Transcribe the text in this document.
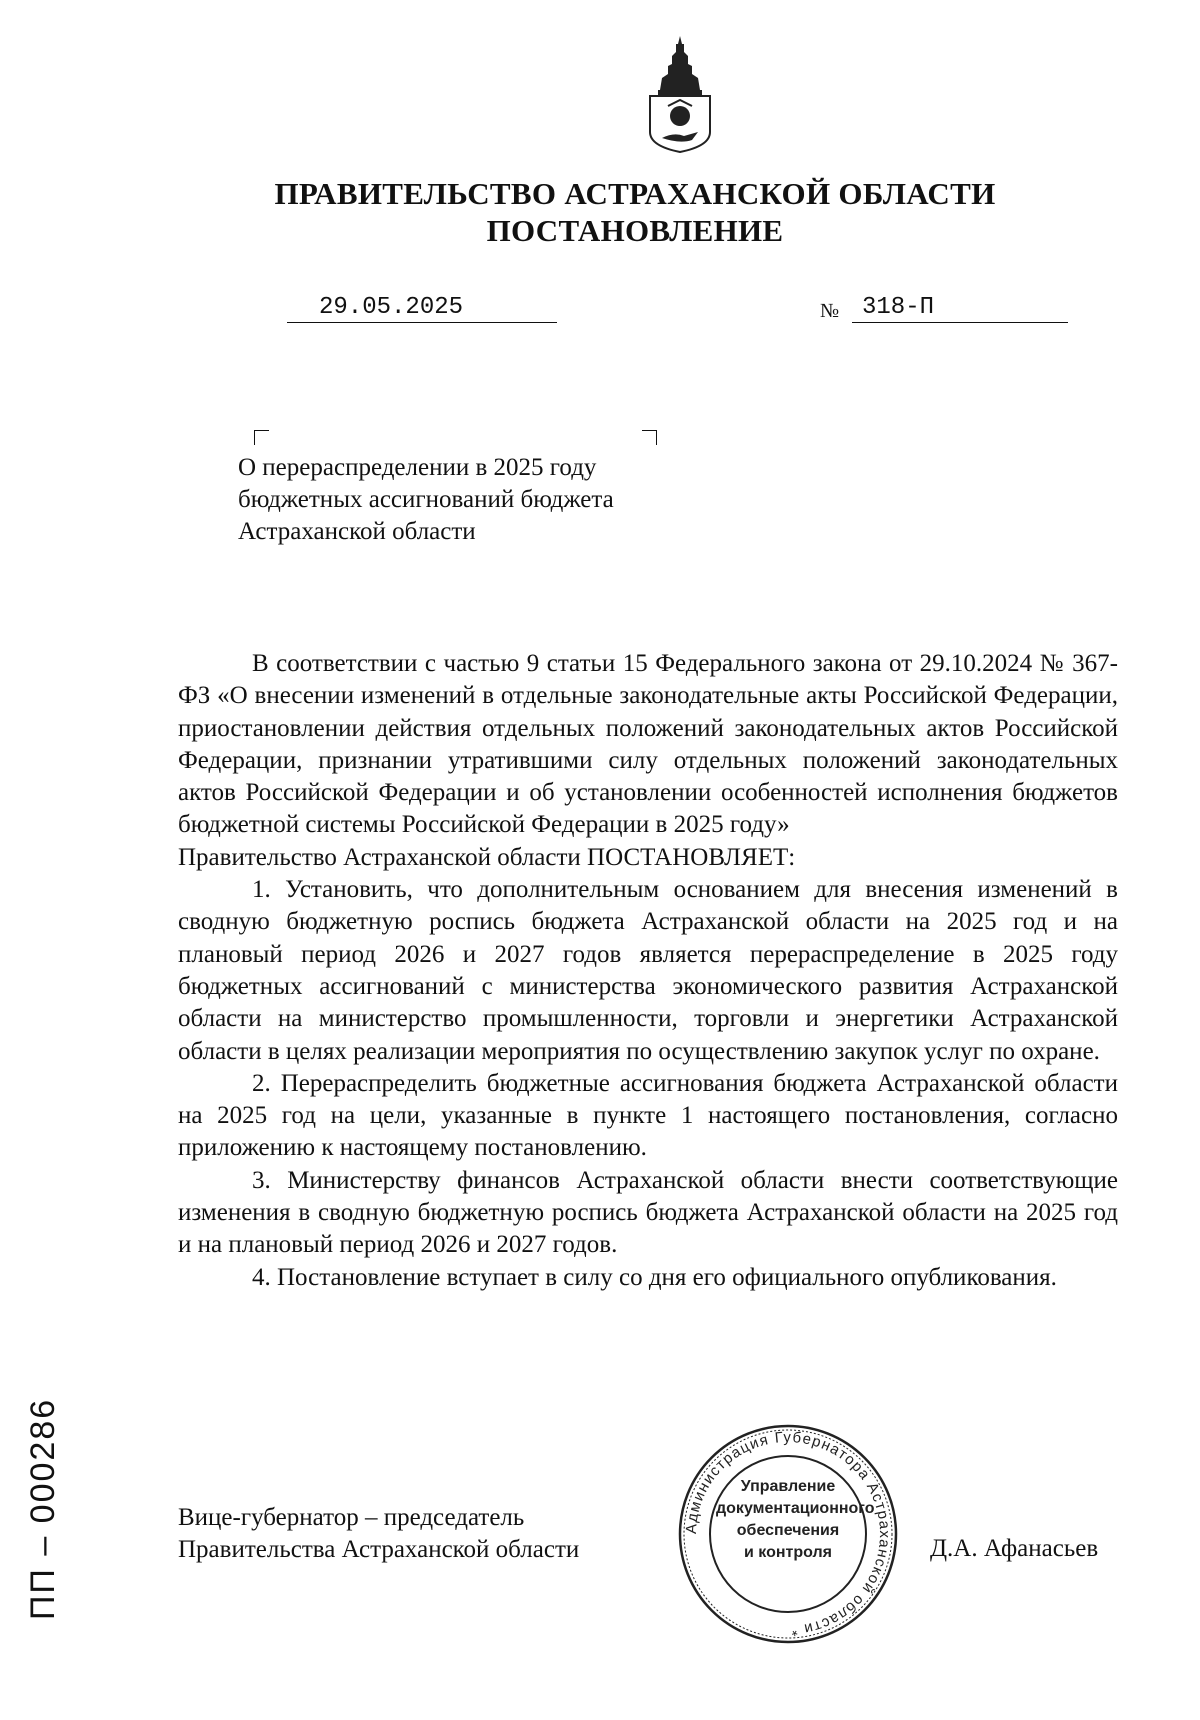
ПРАВИТЕЛЬСТВО АСТРАХАНСКОЙ ОБЛАСТИ
ПОСТАНОВЛЕНИЕ
29.05.2025	№ 318-П
О перераспределении в 2025 году
бюджетных ассигнований бюджета
Астраханской области

В соответствии с частью 9 статьи 15 Федерального закона от 29.10.2024 № 367-ФЗ «О внесении изменений в отдельные законодательные акты Российской Федерации, приостановлении действия отдельных положений законодательных актов Российской Федерации, признании утратившими силу отдельных положений законодательных актов Российской Федерации и об установлении особенностей исполнения бюджетов бюджетной системы Российской Федерации в 2025 году»

Правительство Астраханской области ПОСТАНОВЛЯЕТ:

1. Установить, что дополнительным основанием для внесения изменений в сводную бюджетную роспись бюджета Астраханской области на 2025 год и на плановый период 2026 и 2027 годов является перераспределение в 2025 году бюджетных ассигнований с министерства экономического развития Астраханской области на министерство промышленности, торговли и энергетики Астраханской области в целях реализации мероприятия по осуществлению закупок услуг по охране.

2. Перераспределить бюджетные ассигнования бюджета Астраханской области на 2025 год на цели, указанные в пункте 1 настоящего постановления, согласно приложению к настоящему постановлению.

3. Министерству финансов Астраханской области внести соответствующие изменения в сводную бюджетную роспись бюджета Астраханской области на 2025 год и на плановый период 2026 и 2027 годов.

4. Постановление вступает в силу со дня его официального опубликования.

Вице-губернатор – председатель
Правительства Астраханской области
Администрация Губернатора Астраханской области *
Управление
документационного
обеспечения
и контроля	Д.А. Афанасьев
ПП – 000286
